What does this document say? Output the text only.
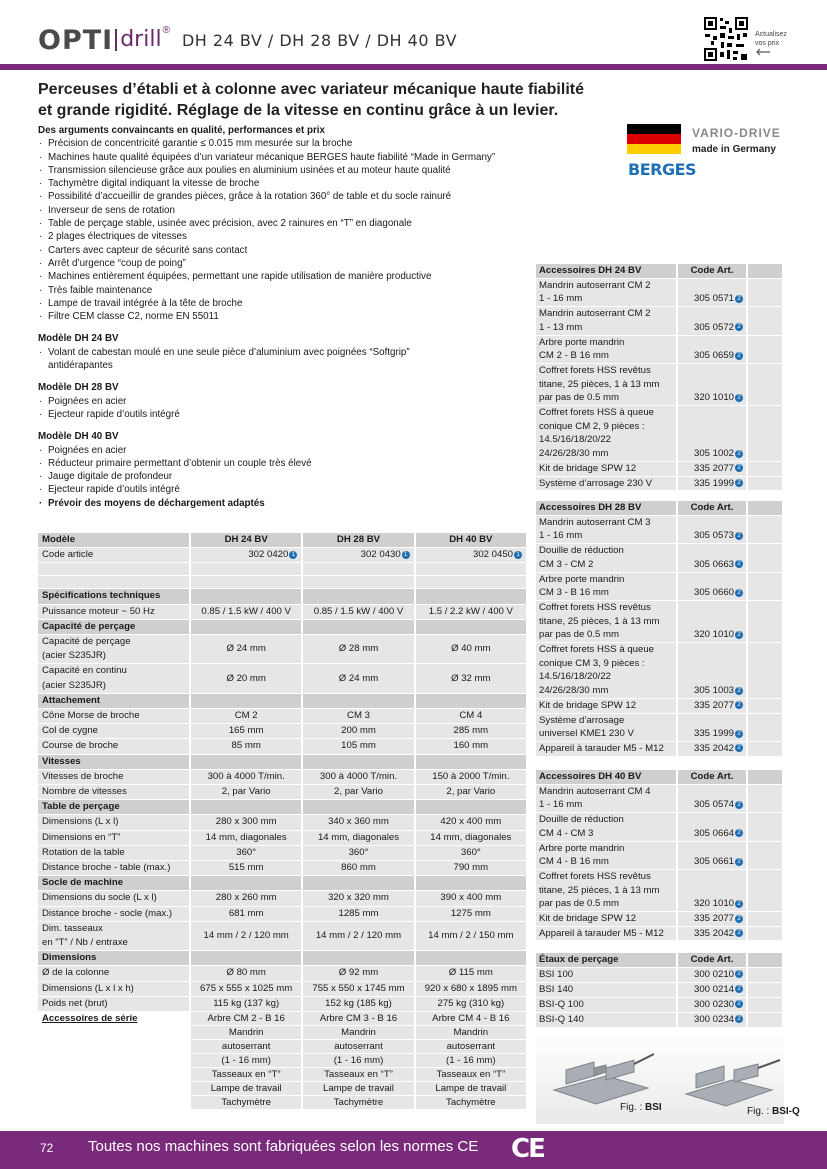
OPTI drill ® DH 24 BV / DH 28 BV / DH 40 BV	Actualisez
vos prix
Perceuses d’établi et à colonne avec variateur mécanique haute fiabilité
et grande rigidité. Réglage de la vitesse en continu grâce à un levier.
Des arguments convaincants en qualité, performances et prix
· Précision de concentricité garantie ≤ 0.015 mm mesurée sur la broche
· Machines haute qualité équipées d’un variateur mécanique BERGES haute fiabilité “Made in Germany”
· Transmission silencieuse grâce aux poulies en aluminium usinées et au moteur haute qualité
· Tachymètre digital indiquant la vitesse de broche
· Possibilité d’accueillir de grandes pièces, grâce à la rotation 360° de table et du socle rainuré
· Inverseur de sens de rotation
· Table de perçage stable, usinée avec précision, avec 2 rainures en “T” en diagonale
· 2 plages électriques de vitesses
· Carters avec capteur de sécurité sans contact
· Arrêt d’urgence “coup de poing”
· Machines entièrement équipées, permettant une rapide utilisation de manière productive
· Très faible maintenance
· Lampe de travail intégrée à la tête de broche
· Filtre CEM classe C2, norme EN 55011
Modèle DH 24 BV
· Volant de cabestan moulé en une seule pièce d’aluminium avec poignées “Softgrip”
antidérapantes
Modèle DH 28 BV
· Poignées en acier
· Ejecteur rapide d’outils intégré
Modèle DH 40 BV
· Poignées en acier
· Réducteur primaire permettant d’obtenir un couple très élevé
· Jauge digitale de profondeur
· Ejecteur rapide d’outils intégré
· Prévoir des moyens de déchargement adaptés
VARIO-DRIVE
made in Germany
BERGES
Accessoires DH 24 BV	Code Art.	

Mandrin autoserrant CM 2
1 - 16 mm	305 0571 2	

Mandrin autoserrant CM 2
1 - 13 mm	305 0572 2	

Arbre porte mandrin
CM 2 - B 16 mm	305 0659 2	

Coffret forets HSS revêtus
titane, 25 pièces, 1 à 13 mm
par pas de 0.5 mm	320 1010 2	

Coffret forets HSS à queue
conique CM 2, 9 pièces :
14.5/16/18/20/22
24/26/28/30 mm	305 1002 2	

Kit de bridage SPW 12	335 2077 2	

Système d’arrosage 230 V	335 1999 2	
Accessoires DH 28 BV	Code Art.	

Mandrin autoserrant CM 3
1 - 16 mm	305 0573 2	

Douille de réduction
CM 3 - CM 2	305 0663 2	

Arbre porte mandrin
CM 3 - B 16 mm	305 0660 2	

Coffret forets HSS revêtus
titane, 25 pièces, 1 à 13 mm
par pas de 0.5 mm	320 1010 2	

Coffret forets HSS à queue
conique CM 3, 9 pièces :
14.5/16/18/20/22
24/26/28/30 mm	305 1003 2	

Kit de bridage SPW 12	335 2077 2	

Système d’arrosage
universel KME1 230 V	335 1999 2	

Appareil à tarauder M5 - M12	335 2042 2	
Accessoires DH 40 BV	Code Art.	

Mandrin autoserrant CM 4
1 - 16 mm	305 0574 2	

Douille de réduction
CM 4 - CM 3	305 0664 2	

Arbre porte mandrin
CM 4 - B 16 mm	305 0661 2	

Coffret forets HSS revêtus
titane, 25 pièces, 1 à 13 mm
par pas de 0.5 mm	320 1010 2	

Kit de bridage SPW 12	335 2077 2	

Appareil à tarauder M5 - M12	335 2042 2	
Étaux de perçage	Code Art.	

BSI 100	300 0210 2	

BSI 140	300 0214 2	

BSI-Q 100	300 0230 2	

BSI-Q 140	300 0234 2	
Fig. : BSI	Fig. : BSI-Q
Modèle	DH 24 BV	DH 28 BV	DH 40 BV
Code article	302 0420 1	302 0430 1	302 0450 1

Spécifications techniques			

Puissance moteur ~ 50 Hz	0.85 / 1.5 kW / 400 V	0.85 / 1.5 kW / 400 V	1.5 / 2.2 kW / 400 V
Capacité de perçage			

Capacité de perçage
(acier S235JR)	Ø 24 mm	Ø 28 mm	Ø 40 mm

Capacité en continu
(acier S235JR)	Ø 20 mm	Ø 24 mm	Ø 32 mm
Attachement			

Cône Morse de broche	CM 2	CM 3	CM 4

Col de cygne	165 mm	200 mm	285 mm

Course de broche	85 mm	105 mm	160 mm
Vitesses			

Vitesses de broche	300 à 4000 T/min.	300 à 4000 T/min.	150 à 2000 T/min.

Nombre de vitesses	2, par Vario	2, par Vario	2, par Vario
Table de perçage			

Dimensions (L x l)	280 x 300 mm	340 x 360 mm	420 x 400 mm

Dimensions en “T”	14 mm, diagonales	14 mm, diagonales	14 mm, diagonales

Rotation de la table	360°	360°	360°

Distance broche - table (max.)	515 mm	860 mm	790 mm
Socle de machine			

Dimensions du socle (L x l)	280 x 260 mm	320 x 320 mm	390 x 400 mm

Distance broche - socle (max.)	681 mm	1285 mm	1275 mm

Dim. tasseaux
en “T” / Nb / entraxe	14 mm / 2 / 120 mm	14 mm / 2 / 120 mm	14 mm / 2 / 150 mm
Dimensions			

Ø de la colonne	Ø 80 mm	Ø 92 mm	Ø 115 mm

Dimensions (L x l x h)	675 x 555 x 1025 mm	755 x 550 x 1745 mm	920 x 680 x 1895 mm

Poids net (brut)	115 kg (137 kg)	152 kg (185 kg)	275 kg (310 kg)
Accessoires de série	Arbre CM 2 - B 16	Arbre CM 3 - B 16	Arbre CM 4 - B 16
	Mandrin	Mandrin	Mandrin
	autoserrant	autoserrant	autoserrant
	(1 - 16 mm)	(1 - 16 mm)	(1 - 16 mm)
	Tasseaux en “T”	Tasseaux en “T”	Tasseaux en “T”
	Lampe de travail	Lampe de travail	Lampe de travail
	Tachymètre	Tachymètre	Tachymètre
72 Toutes nos machines sont fabriquées selon les normes CE CE
